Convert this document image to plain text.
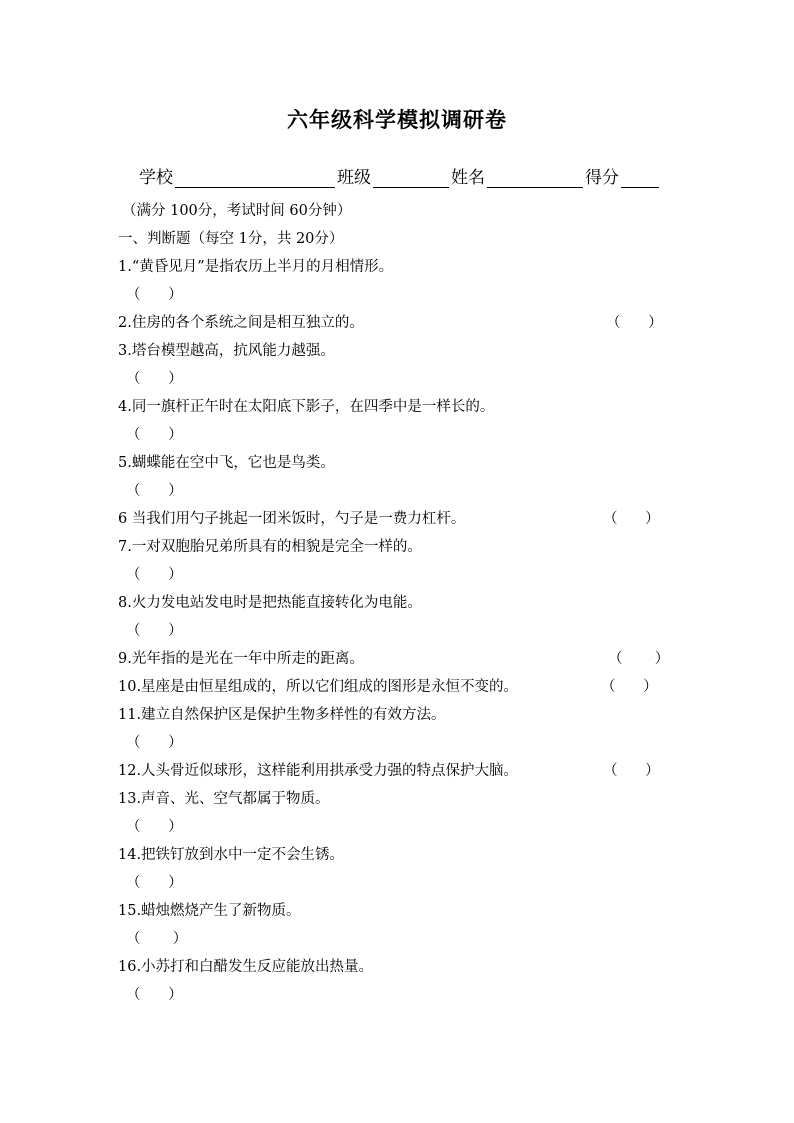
六年级科学模拟调研卷
学校	班级	姓名	得分
（满分 100分，考试时间 60分钟）
一、判断题（每空 1分，共 20分）
1.“黄昏见月”是指农历上半月的月相情形。
（      ）
2.住房的各个系统之间是相互独立的。	（      ）
3.塔台模型越高，抗风能力越强。
（      ）
4.同一旗杆正午时在太阳底下影子，在四季中是一样长的。
（      ）
5.蝴蝶能在空中飞，它也是鸟类。
（      ）
6 当我们用勺子挑起一团米饭时，勺子是一费力杠杆。	（      ）
7.一对双胞胎兄弟所具有的相貌是完全一样的。
（      ）
8.火力发电站发电时是把热能直接转化为电能。
（      ）
9.光年指的是光在一年中所走的距离。	（       ）
10.星座是由恒星组成的，所以它们组成的图形是永恒不变的。	（      ）
11.建立自然保护区是保护生物多样性的有效方法。
（      ）
12.人头骨近似球形，这样能利用拱承受力强的特点保护大脑。	（      ）
13.声音、光、空气都属于物质。
（      ）
14.把铁钉放到水中一定不会生锈。
（      ）
15.蜡烛燃烧产生了新物质。
（       ）
16.小苏打和白醋发生反应能放出热量。
（      ）
